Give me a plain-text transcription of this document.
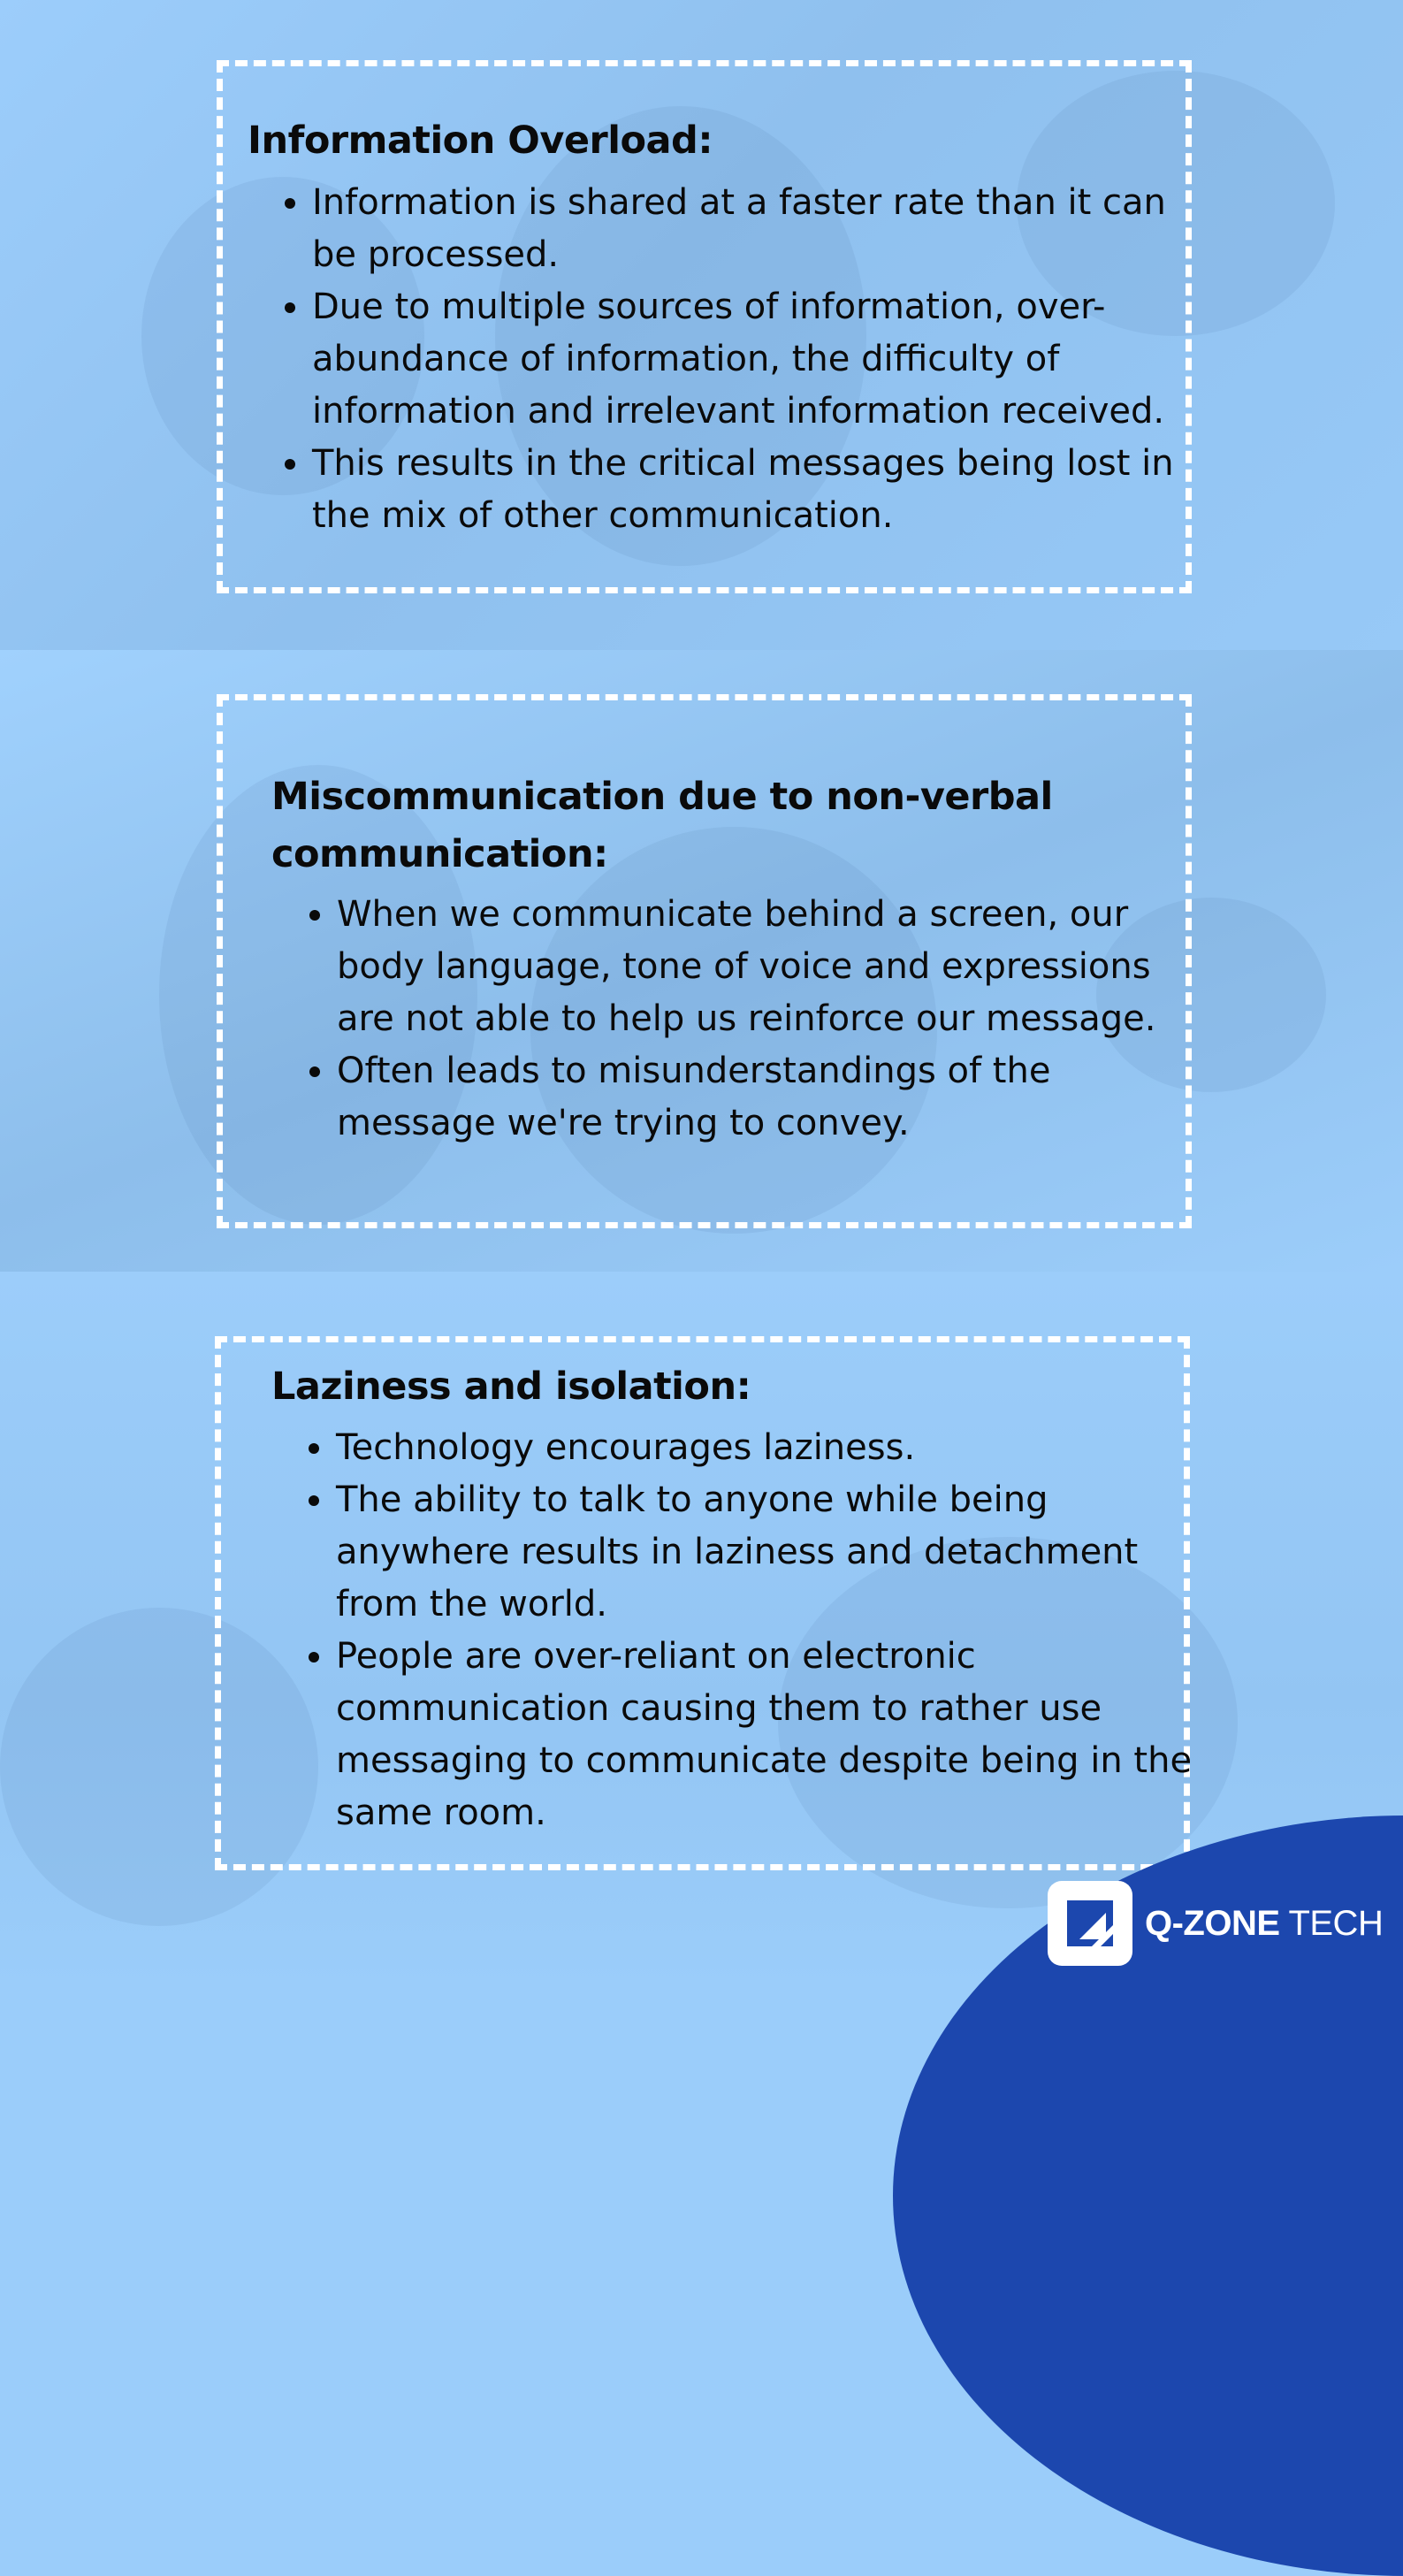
Information Overload:
• Information is shared at a faster rate than it can be processed.
• Due to multiple sources of information, over-abundance of information, the difficulty of information and irrelevant information received.
• This results in the critical messages being lost in the mix of other communication.
Miscommunication due to non-verbal communication:
• When we communicate behind a screen, our body language, tone of voice and expressions are not able to help us reinforce our message.
• Often leads to misunderstandings of the message we're trying to convey.
Laziness and isolation:
• Technology encourages laziness.
• The ability to talk to anyone while being anywhere results in laziness and detachment from the world.
• People are over-reliant on electronic communication causing them to rather use messaging to communicate despite being in the same room.
Q-ZONE TECH
